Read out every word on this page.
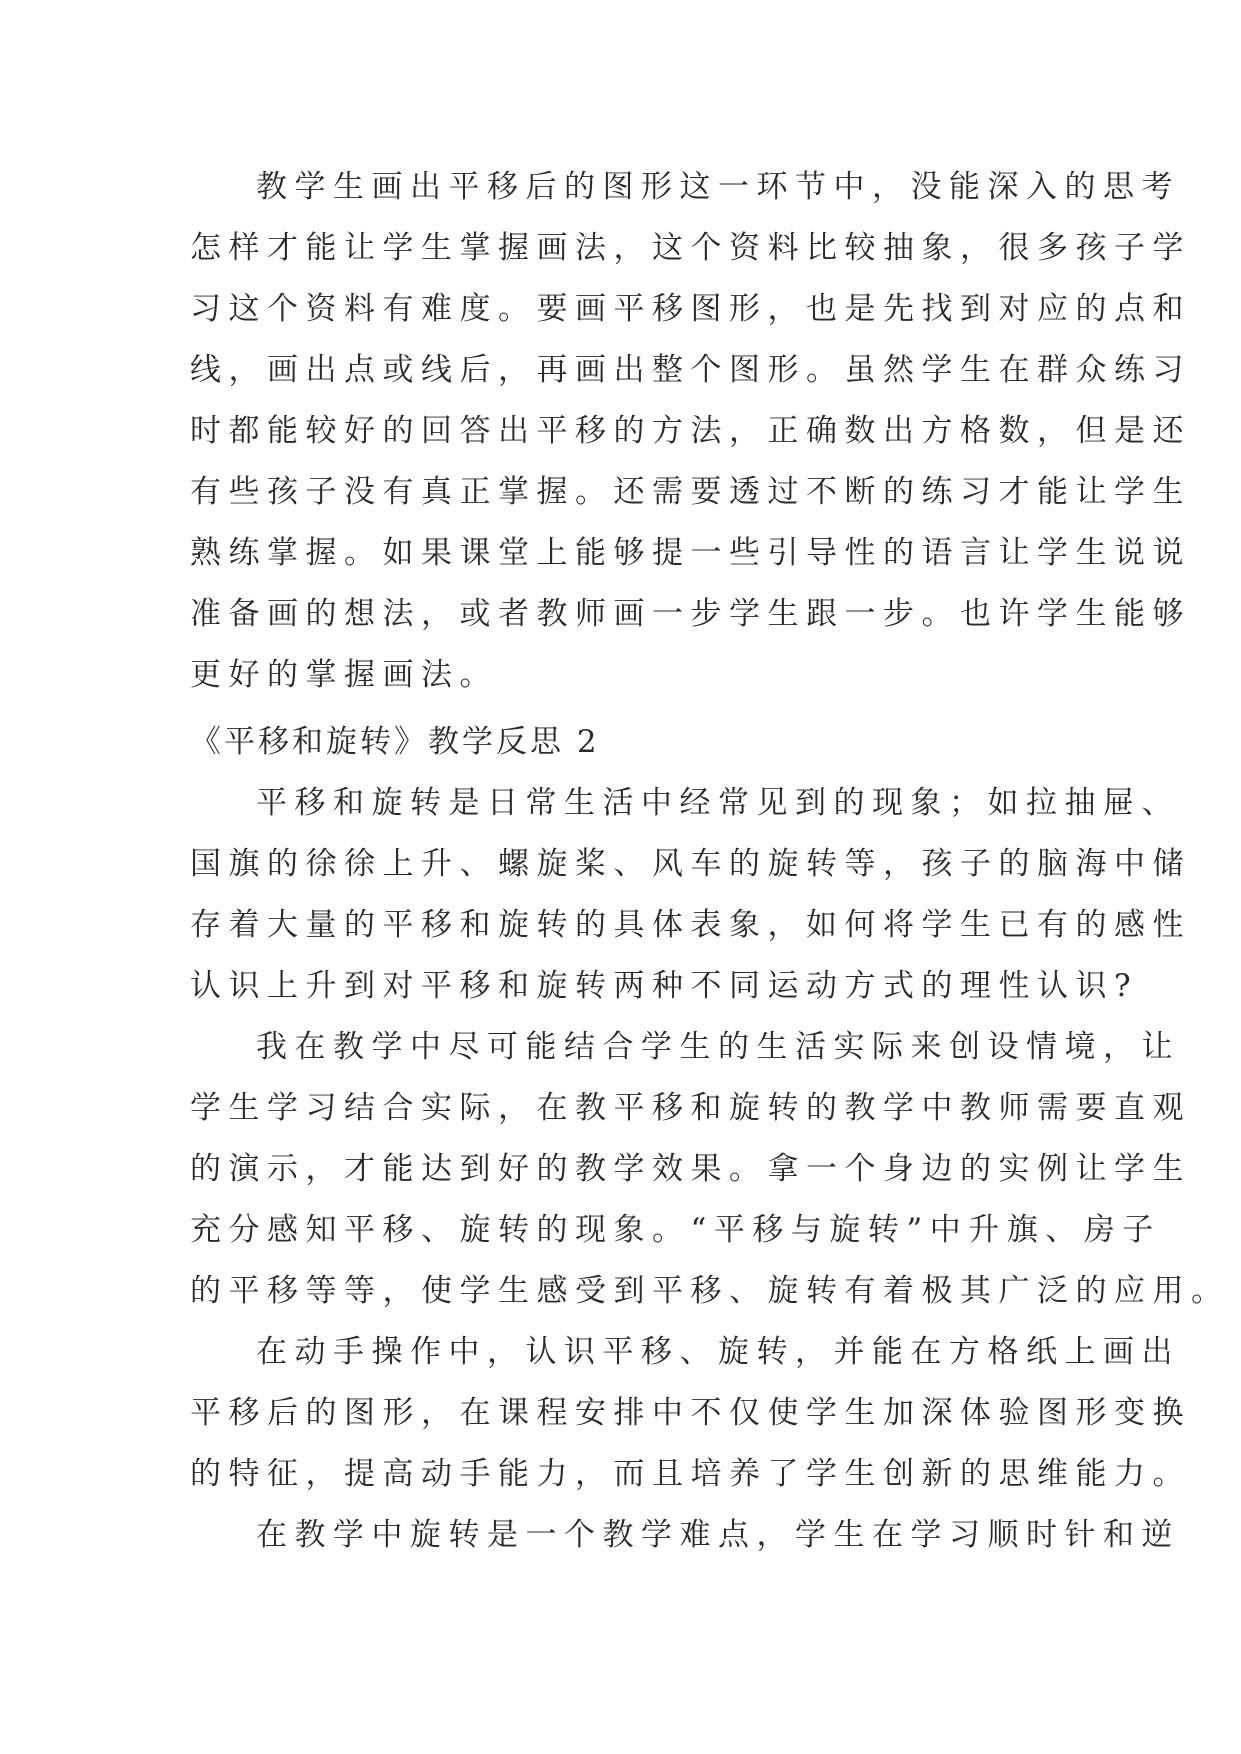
教学生画出平移后的图形这一环节中，没能深入的思考
怎样才能让学生掌握画法，这个资料比较抽象，很多孩子学
习这个资料有难度。要画平移图形，也是先找到对应的点和
线，画出点或线后，再画出整个图形。虽然学生在群众练习
时都能较好的回答出平移的方法，正确数出方格数，但是还
有些孩子没有真正掌握。还需要透过不断的练习才能让学生
熟练掌握。如果课堂上能够提一些引导性的语言让学生说说
准备画的想法，或者教师画一步学生跟一步。也许学生能够
更好的掌握画法。
《平移和旋转》教学反思 2
平移和旋转是日常生活中经常见到的现象；如拉抽屉、
国旗的徐徐上升、螺旋桨、风车的旋转等，孩子的脑海中储
存着大量的平移和旋转的具体表象，如何将学生已有的感性
认识上升到对平移和旋转两种不同运动方式的理性认识?
我在教学中尽可能结合学生的生活实际来创设情境，让
学生学习结合实际，在教平移和旋转的教学中教师需要直观
的演示，才能达到好的教学效果。拿一个身边的实例让学生
充分感知平移、旋转的现象。“平移与旋转”中升旗、房子
的平移等等，使学生感受到平移、旋转有着极其广泛的应用。
在动手操作中，认识平移、旋转，并能在方格纸上画出
平移后的图形，在课程安排中不仅使学生加深体验图形变换
的特征，提高动手能力，而且培养了学生创新的思维能力。
在教学中旋转是一个教学难点，学生在学习顺时针和逆
